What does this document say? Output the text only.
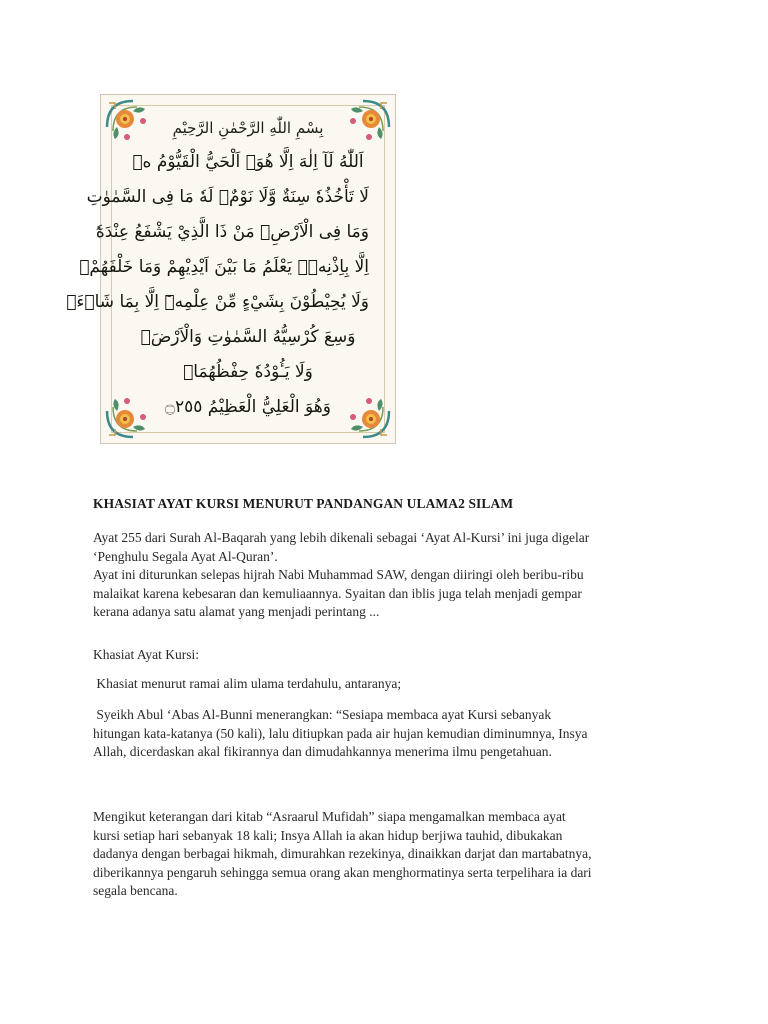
بِسْمِ اللّٰهِ الرَّحْمٰنِ الرَّحِيْمِ
اَللّٰهُ لَآ اِلٰهَ اِلَّا هُوَۚ اَلْحَيُّ الْقَيُّوْمُ ەۚ
لَا تَأْخُذُهٗ سِنَةٌ وَّلَا نَوْمٌۗ لَهٗ مَا فِى السَّمٰوٰتِ
وَمَا فِى الْاَرْضِۗ مَنْ ذَا الَّذِيْ يَشْفَعُ عِنْدَهٗٓ
اِلَّا بِاِذْنِهٖۗ يَعْلَمُ مَا بَيْنَ اَيْدِيْهِمْ وَمَا خَلْفَهُمْۚ
وَلَا يُحِيْطُوْنَ بِشَيْءٍ مِّنْ عِلْمِهٖٓ اِلَّا بِمَا شَاۤءَۚ
وَسِعَ كُرْسِيُّهُ السَّمٰوٰتِ وَالْاَرْضَۚ
وَلَا يَـُٔوْدُهٗ حِفْظُهُمَاۚ
وَهُوَ الْعَلِيُّ الْعَظِيْمُ ۝٢٥٥
KHASIAT AYAT KURSI MENURUT PANDANGAN ULAMA2 SILAM

Ayat 255 dari Surah Al-Baqarah yang lebih dikenali sebagai ‘Ayat Al-Kursi’ ini juga digelar
‘Penghulu Segala Ayat Al-Quran’.
Ayat ini diturunkan selepas hijrah Nabi Muhammad SAW, dengan diiringi oleh beribu-ribu
malaikat karena kebesaran dan kemuliaannya. Syaitan dan iblis juga telah menjadi gempar
kerana adanya satu alamat yang menjadi perintang ...

Khasiat Ayat Kursi:

Khasiat menurut ramai alim ulama terdahulu, antaranya;

Syeikh Abul ‘Abas Al-Bunni menerangkan: “Sesiapa membaca ayat Kursi sebanyak
hitungan kata-katanya (50 kali), lalu ditiupkan pada air hujan kemudian diminumnya, Insya
Allah, dicerdaskan akal fikirannya dan dimudahkannya menerima ilmu pengetahuan.

Mengikut keterangan dari kitab “Asraarul Mufidah” siapa mengamalkan membaca ayat
kursi setiap hari sebanyak 18 kali; Insya Allah ia akan hidup berjiwa tauhid, dibukakan
dadanya dengan berbagai hikmah, dimurahkan rezekinya, dinaikkan darjat dan martabatnya,
diberikannya pengaruh sehingga semua orang akan menghormatinya serta terpelihara ia dari
segala bencana.
